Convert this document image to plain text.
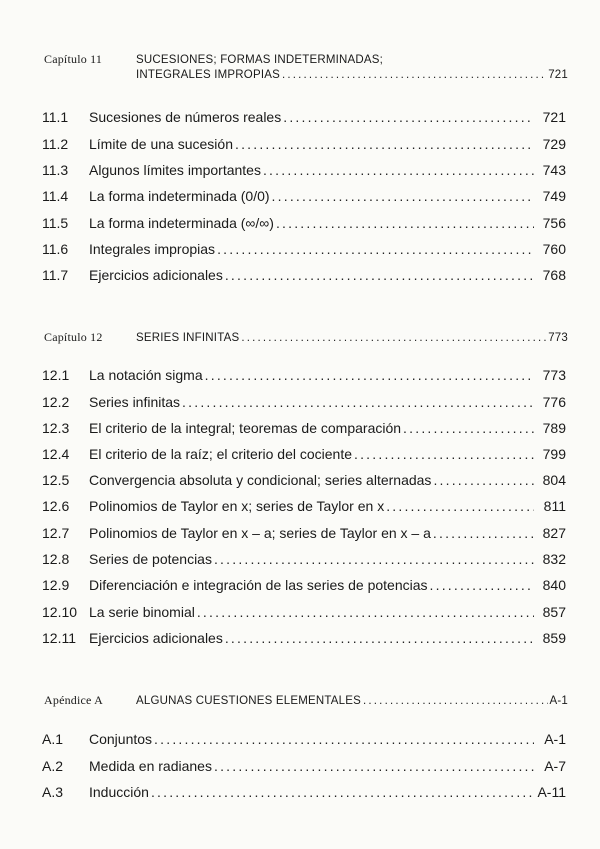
Capítulo 11	SUCESIONES; FORMAS INDETERMINADAS;
INTEGRALES IMPROPIAS .....	721
11.1	Sucesiones de números reales .....	721
11.2	Límite de una sucesión .....	729
11.3	Algunos límites importantes .....	743
11.4	La forma indeterminada (0/0) .....	749
11.5	La forma indeterminada (∞/∞) .....	756
11.6	Integrales impropias .....	760
11.7	Ejercicios adicionales .....	768
Capítulo 12	SERIES INFINITAS .....	773
12.1	La notación sigma .....	773
12.2	Series infinitas .....	776
12.3	El criterio de la integral; teoremas de comparación .....	789
12.4	El criterio de la raíz; el criterio del cociente .....	799
12.5	Convergencia absoluta y condicional; series alternadas .....	804
12.6	Polinomios de Taylor en x; series de Taylor en x .....	811
12.7	Polinomios de Taylor en x – a; series de Taylor en x – a .....	827
12.8	Series de potencias .....	832
12.9	Diferenciación e integración de las series de potencias .....	840
12.10 La serie binomial .....	857
12.11 Ejercicios adicionales .....	859
Apéndice A	ALGUNAS CUESTIONES ELEMENTALES .....	A-1
A.1	Conjuntos .....	A-1
A.2	Medida en radianes .....	A-7
A.3	Inducción .....	A-11
